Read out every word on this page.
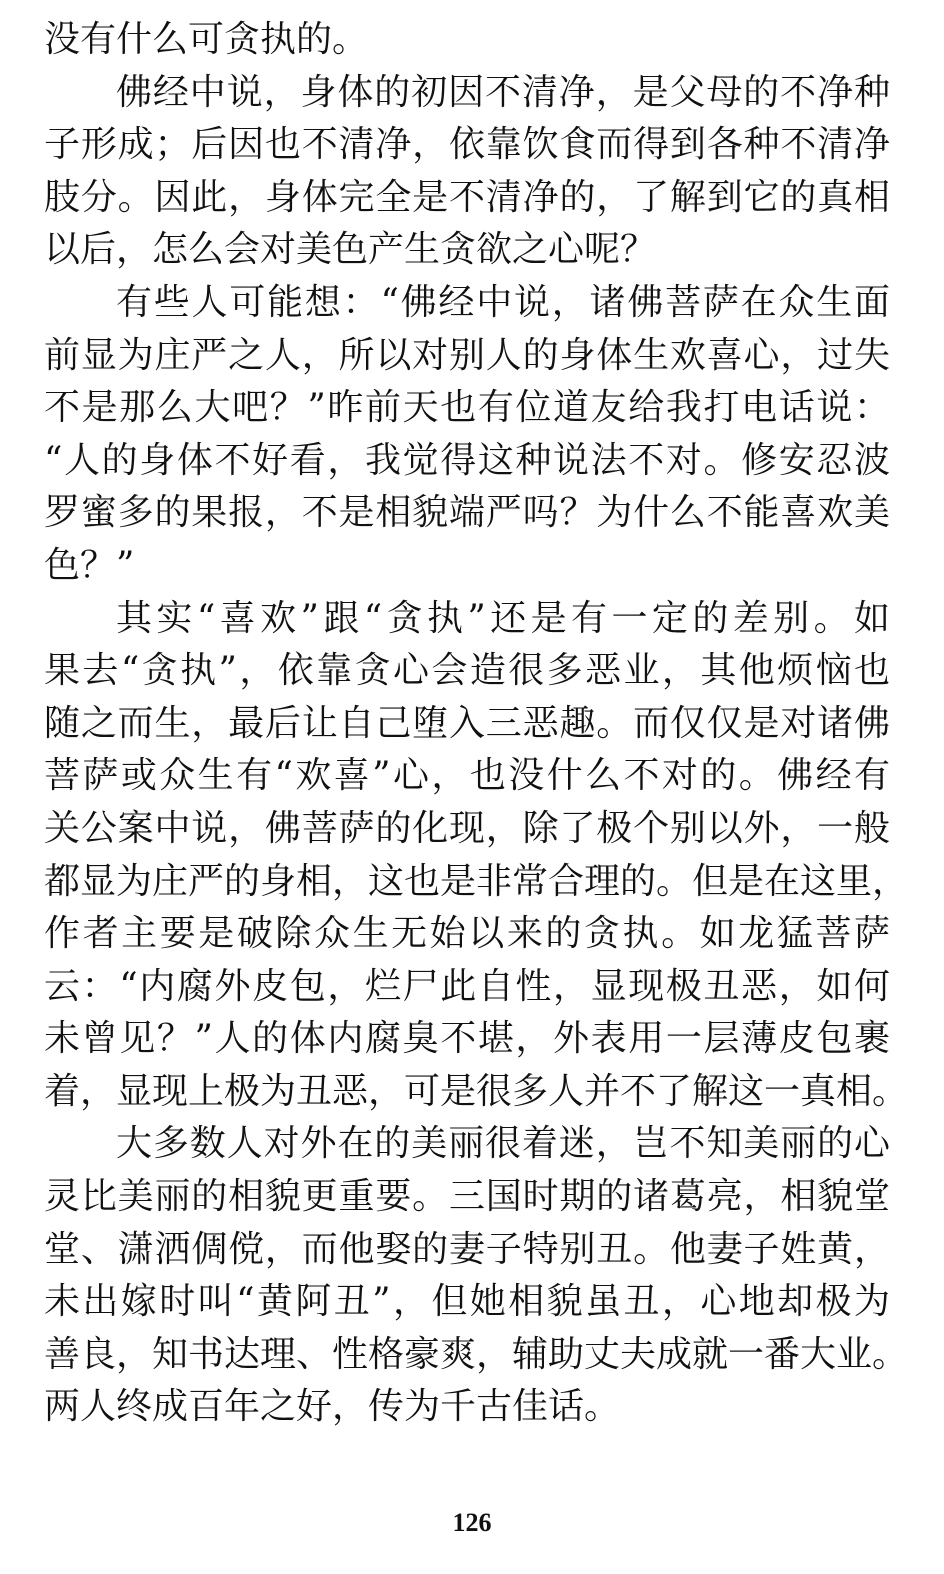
没有什么可贪执的。
佛经中说，身体的初因不清净，是父母的不净种
子形成；后因也不清净，依靠饮食而得到各种不清净
肢分。因此，身体完全是不清净的，了解到它的真相
以后，怎么会对美色产生贪欲之心呢？
有些人可能想：“佛经中说，诸佛菩萨在众生面
前显为庄严之人，所以对别人的身体生欢喜心，过失
不是那么大吧？”昨前天也有位道友给我打电话说：
“人的身体不好看，我觉得这种说法不对。修安忍波
罗蜜多的果报，不是相貌端严吗？为什么不能喜欢美
色？”
其实“喜欢”跟“贪执”还是有一定的差别。如
果去“贪执”，依靠贪心会造很多恶业，其他烦恼也
随之而生，最后让自己堕入三恶趣。而仅仅是对诸佛
菩萨或众生有“欢喜”心，也没什么不对的。佛经有
关公案中说，佛菩萨的化现，除了极个别以外，一般
都显为庄严的身相，这也是非常合理的。但是在这里，
作者主要是破除众生无始以来的贪执。如龙猛菩萨
云：“内腐外皮包，烂尸此自性，显现极丑恶，如何
未曾见？”人的体内腐臭不堪，外表用一层薄皮包裹
着，显现上极为丑恶，可是很多人并不了解这一真相。
大多数人对外在的美丽很着迷，岂不知美丽的心
灵比美丽的相貌更重要。三国时期的诸葛亮，相貌堂
堂、潇洒倜傥，而他娶的妻子特别丑。他妻子姓黄，
未出嫁时叫“黄阿丑”，但她相貌虽丑，心地却极为
善良，知书达理、性格豪爽，辅助丈夫成就一番大业。
两人终成百年之好，传为千古佳话。
126
